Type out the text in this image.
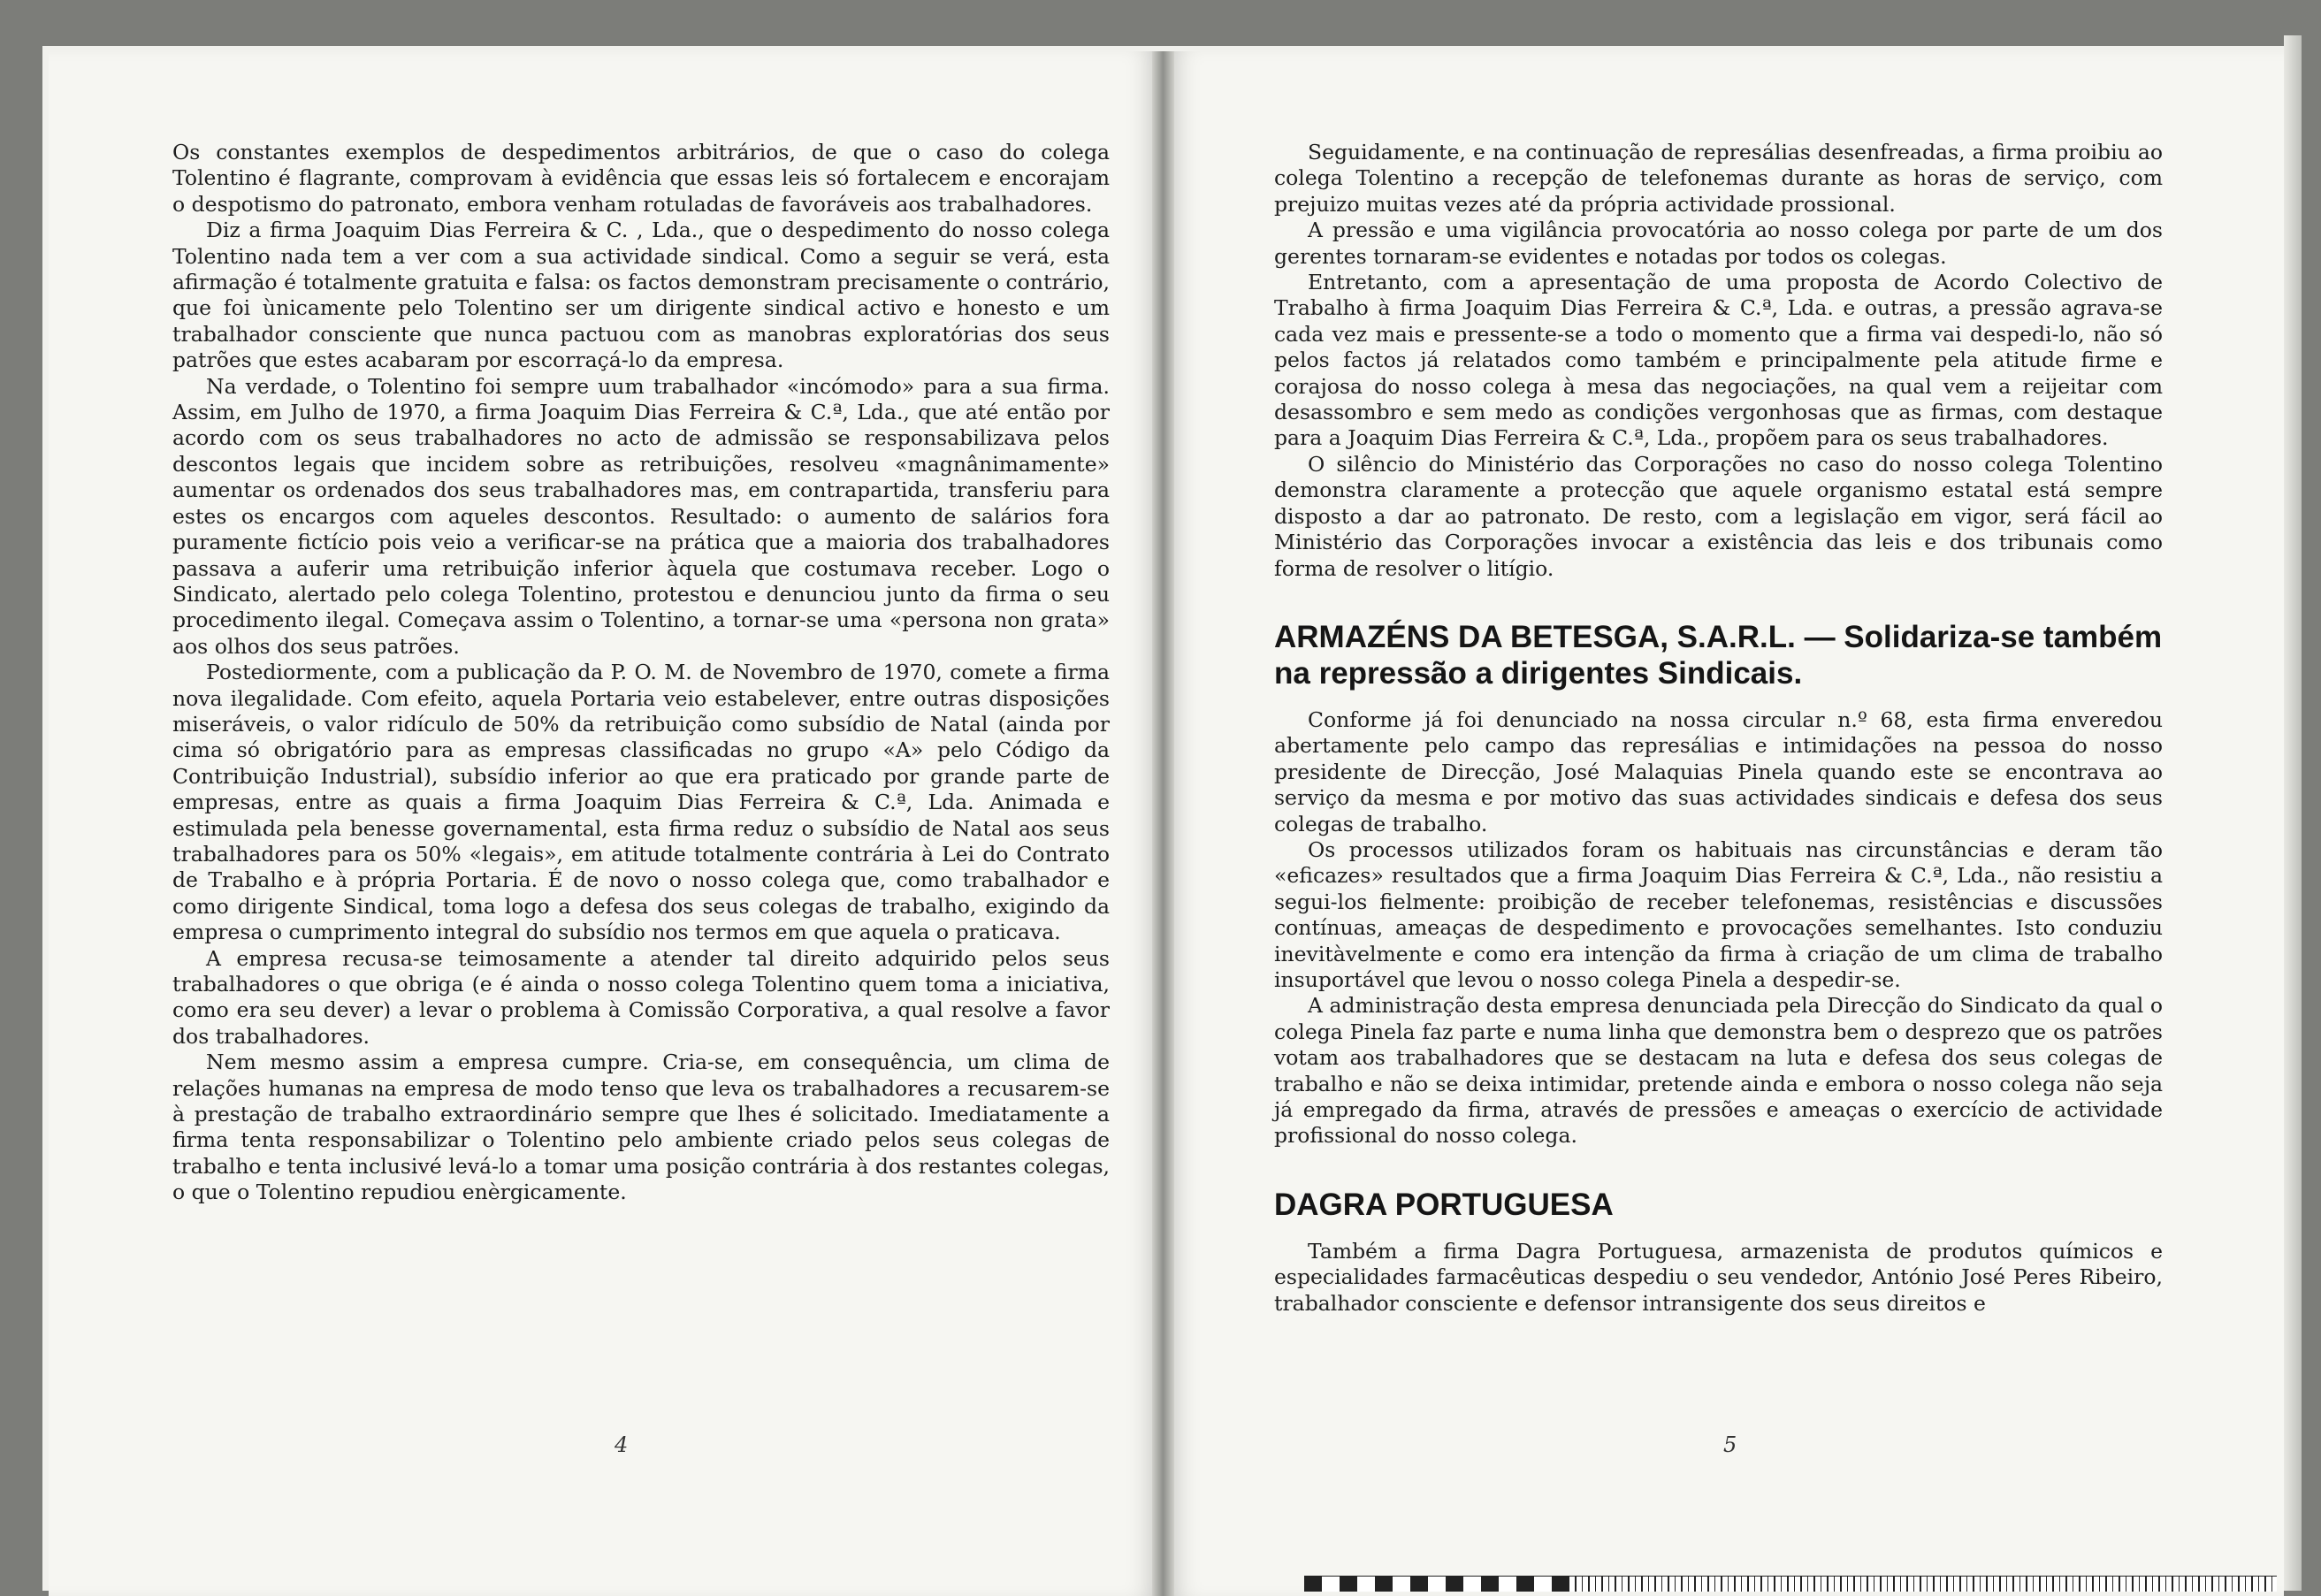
Os constantes exemplos de despedimentos arbitrários, de que o caso do colega Tolentino é flagrante, comprovam à evidência que essas leis só fortalecem e encorajam o despotismo do patronato, embora venham rotuladas de favoráveis aos trabalhadores.

Diz a firma Joaquim Dias Ferreira & C. , Lda., que o despedimento do nosso colega Tolentino nada tem a ver com a sua actividade sindical. Como a seguir se verá, esta afirmação é totalmente gratuita e falsa: os factos demonstram precisamente o contrário, que foi ùnicamente pelo Tolentino ser um dirigente sindical activo e honesto e um trabalhador consciente que nunca pactuou com as manobras exploratórias dos seus patrões que estes acabaram por escorraçá-lo da empresa.

Na verdade, o Tolentino foi sempre uum trabalhador «incómodo» para a sua firma. Assim, em Julho de 1970, a firma Joaquim Dias Ferreira & C.ª, Lda., que até então por acordo com os seus trabalhadores no acto de admissão se responsabilizava pelos descontos legais que incidem sobre as retribuições, resolveu «magnânimamente» aumentar os ordenados dos seus trabalhadores mas, em contrapartida, transferiu para estes os encargos com aqueles descontos. Resultado: o aumento de salários fora puramente fictício pois veio a verificar-se na prática que a maioria dos trabalhadores passava a auferir uma retribuição inferior àquela que costumava receber. Logo o Sindicato, alertado pelo colega Tolentino, protestou e denunciou junto da firma o seu procedimento ilegal. Começava assim o Tolentino, a tornar-se uma «persona non grata» aos olhos dos seus patrões.

Postediormente, com a publicação da P. O. M. de Novembro de 1970, comete a firma nova ilegalidade. Com efeito, aquela Portaria veio estabelever, entre outras disposições miseráveis, o valor ridículo de 50% da retribuição como subsídio de Natal (ainda por cima só obrigatório para as empresas classificadas no grupo «A» pelo Código da Contribuição Industrial), subsídio inferior ao que era praticado por grande parte de empresas, entre as quais a firma Joaquim Dias Ferreira & C.ª, Lda. Animada e estimulada pela benesse governamental, esta firma reduz o subsídio de Natal aos seus trabalhadores para os 50% «legais», em atitude totalmente contrária à Lei do Contrato de Trabalho e à própria Portaria. É de novo o nosso colega que, como trabalhador e como dirigente Sindical, toma logo a defesa dos seus colegas de trabalho, exigindo da empresa o cumprimento integral do subsídio nos termos em que aquela o praticava.

A empresa recusa-se teimosamente a atender tal direito adquirido pelos seus trabalhadores o que obriga (e é ainda o nosso colega Tolentino quem toma a iniciativa, como era seu dever) a levar o problema à Comissão Corporativa, a qual resolve a favor dos trabalhadores.

Nem mesmo assim a empresa cumpre. Cria-se, em consequência, um clima de relações humanas na empresa de modo tenso que leva os trabalhadores a recusarem-se à prestação de trabalho extraordinário sempre que lhes é solicitado. Imediatamente a firma tenta responsabilizar o Tolentino pelo ambiente criado pelos seus colegas de trabalho e tenta inclusivé levá-lo a tomar uma posição contrária à dos restantes colegas, o que o Tolentino repudiou enèrgicamente.

4

Seguidamente, e na continuação de represálias desenfreadas, a firma proibiu ao colega Tolentino a recepção de telefonemas durante as horas de serviço, com prejuizo muitas vezes até da própria actividade prossional.

A pressão e uma vigilância provocatória ao nosso colega por parte de um dos gerentes tornaram-se evidentes e notadas por todos os colegas.

Entretanto, com a apresentação de uma proposta de Acordo Colectivo de Trabalho à firma Joaquim Dias Ferreira & C.ª, Lda. e outras, a pressão agrava-se cada vez mais e pressente-se a todo o momento que a firma vai despedi-lo, não só pelos factos já relatados como também e principalmente pela atitude firme e corajosa do nosso colega à mesa das negociações, na qual vem a reijeitar com desassombro e sem medo as condições vergonhosas que as firmas, com destaque para a Joaquim Dias Ferreira & C.ª, Lda., propõem para os seus trabalhadores.

O silêncio do Ministério das Corporações no caso do nosso colega Tolentino demonstra claramente a protecção que aquele organismo estatal está sempre disposto a dar ao patronato. De resto, com a legislação em vigor, será fácil ao Ministério das Corporações invocar a existência das leis e dos tribunais como forma de resolver o litígio.

ARMAZÉNS DA BETESGA, S.A.R.L. — Solidariza-se também na repressão a dirigentes Sindicais.

Conforme já foi denunciado na nossa circular n.º 68, esta firma enveredou abertamente pelo campo das represálias e intimidações na pessoa do nosso presidente de Direcção, José Malaquias Pinela quando este se encontrava ao serviço da mesma e por motivo das suas actividades sindicais e defesa dos seus colegas de trabalho.

Os processos utilizados foram os habituais nas circunstâncias e deram tão «eficazes» resultados que a firma Joaquim Dias Ferreira & C.ª, Lda., não resistiu a segui-los fielmente: proibição de receber telefonemas, resistências e discussões contínuas, ameaças de despedimento e provocações semelhantes. Isto conduziu inevitàvelmente e como era intenção da firma à criação de um clima de trabalho insuportável que levou o nosso colega Pinela a despedir-se.

A administração desta empresa denunciada pela Direcção do Sindicato da qual o colega Pinela faz parte e numa linha que demonstra bem o desprezo que os patrões votam aos trabalhadores que se destacam na luta e defesa dos seus colegas de trabalho e não se deixa intimidar, pretende ainda e embora o nosso colega não seja já empregado da firma, através de pressões e ameaças o exercício de actividade profissional do nosso colega.

DAGRA PORTUGUESA

Também a firma Dagra Portuguesa, armazenista de produtos químicos e especialidades farmacêuticas despediu o seu vendedor, António José Peres Ribeiro, trabalhador consciente e defensor intransigente dos seus direitos e

5
